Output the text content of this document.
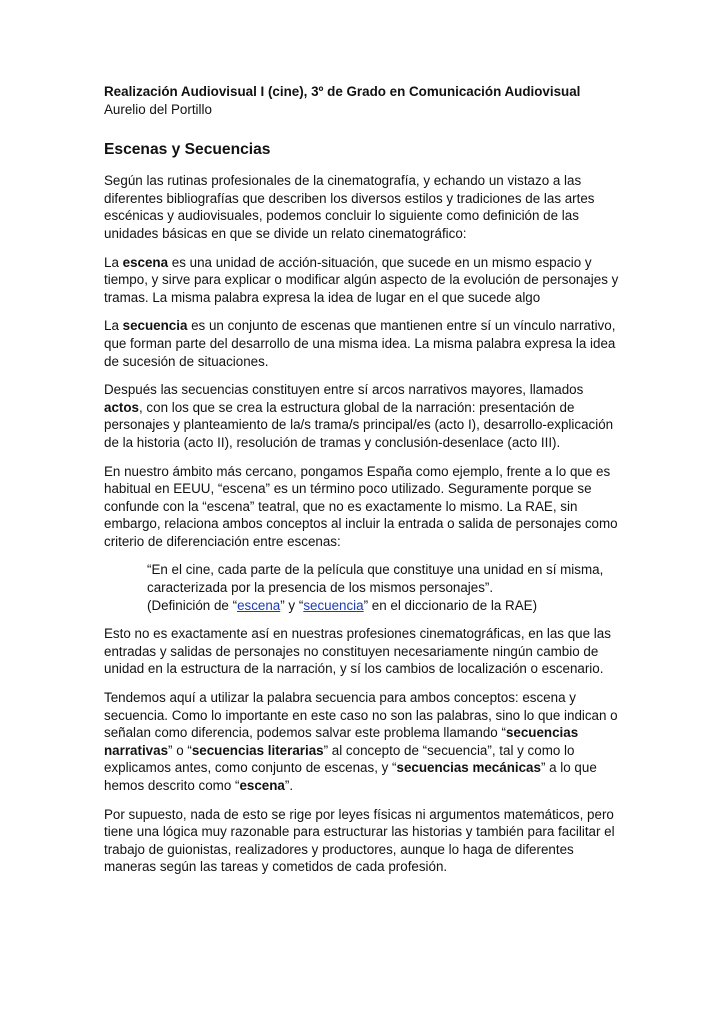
Realización Audiovisual I (cine), 3º de Grado en Comunicación Audiovisual

Aurelio del Portillo

Escenas y Secuencias

Según las rutinas profesionales de la cinematografía, y echando un vistazo a las diferentes bibliografías que describen los diversos estilos y tradiciones de las artes escénicas y audiovisuales, podemos concluir lo siguiente como definición de las unidades básicas en que se divide un relato cinematográfico:

La escena es una unidad de acción-situación, que sucede en un mismo espacio y tiempo, y sirve para explicar o modificar algún aspecto de la evolución de personajes y tramas. La misma palabra expresa la idea de lugar en el que sucede algo

La secuencia es un conjunto de escenas que mantienen entre sí un vínculo narrativo, que forman parte del desarrollo de una misma idea. La misma palabra expresa la idea de sucesión de situaciones.

Después las secuencias constituyen entre sí arcos narrativos mayores, llamados actos, con los que se crea la estructura global de la narración: presentación de personajes y planteamiento de la/s trama/s principal/es (acto I), desarrollo-explicación de la historia (acto II), resolución de tramas y conclusión-desenlace (acto III).

En nuestro ámbito más cercano, pongamos España como ejemplo, frente a lo que es habitual en EEUU, “escena” es un término poco utilizado. Seguramente porque se confunde con la “escena” teatral, que no es exactamente lo mismo. La RAE, sin embargo, relaciona ambos conceptos al incluir la entrada o salida de personajes como criterio de diferenciación entre escenas:

“En el cine, cada parte de la película que constituye una unidad en sí misma, caracterizada por la presencia de los mismos personajes”.
(Definición de “escena” y “secuencia” en el diccionario de la RAE)

Esto no es exactamente así en nuestras profesiones cinematográficas, en las que las entradas y salidas de personajes no constituyen necesariamente ningún cambio de unidad en la estructura de la narración, y sí los cambios de localización o escenario.

Tendemos aquí a utilizar la palabra secuencia para ambos conceptos: escena y secuencia. Como lo importante en este caso no son las palabras, sino lo que indican o señalan como diferencia, podemos salvar este problema llamando “secuencias narrativas” o “secuencias literarias” al concepto de “secuencia”, tal y como lo explicamos antes, como conjunto de escenas, y “secuencias mecánicas” a lo que hemos descrito como “escena”.

Por supuesto, nada de esto se rige por leyes físicas ni argumentos matemáticos, pero tiene una lógica muy razonable para estructurar las historias y también para facilitar el trabajo de guionistas, realizadores y productores, aunque lo haga de diferentes maneras según las tareas y cometidos de cada profesión.
